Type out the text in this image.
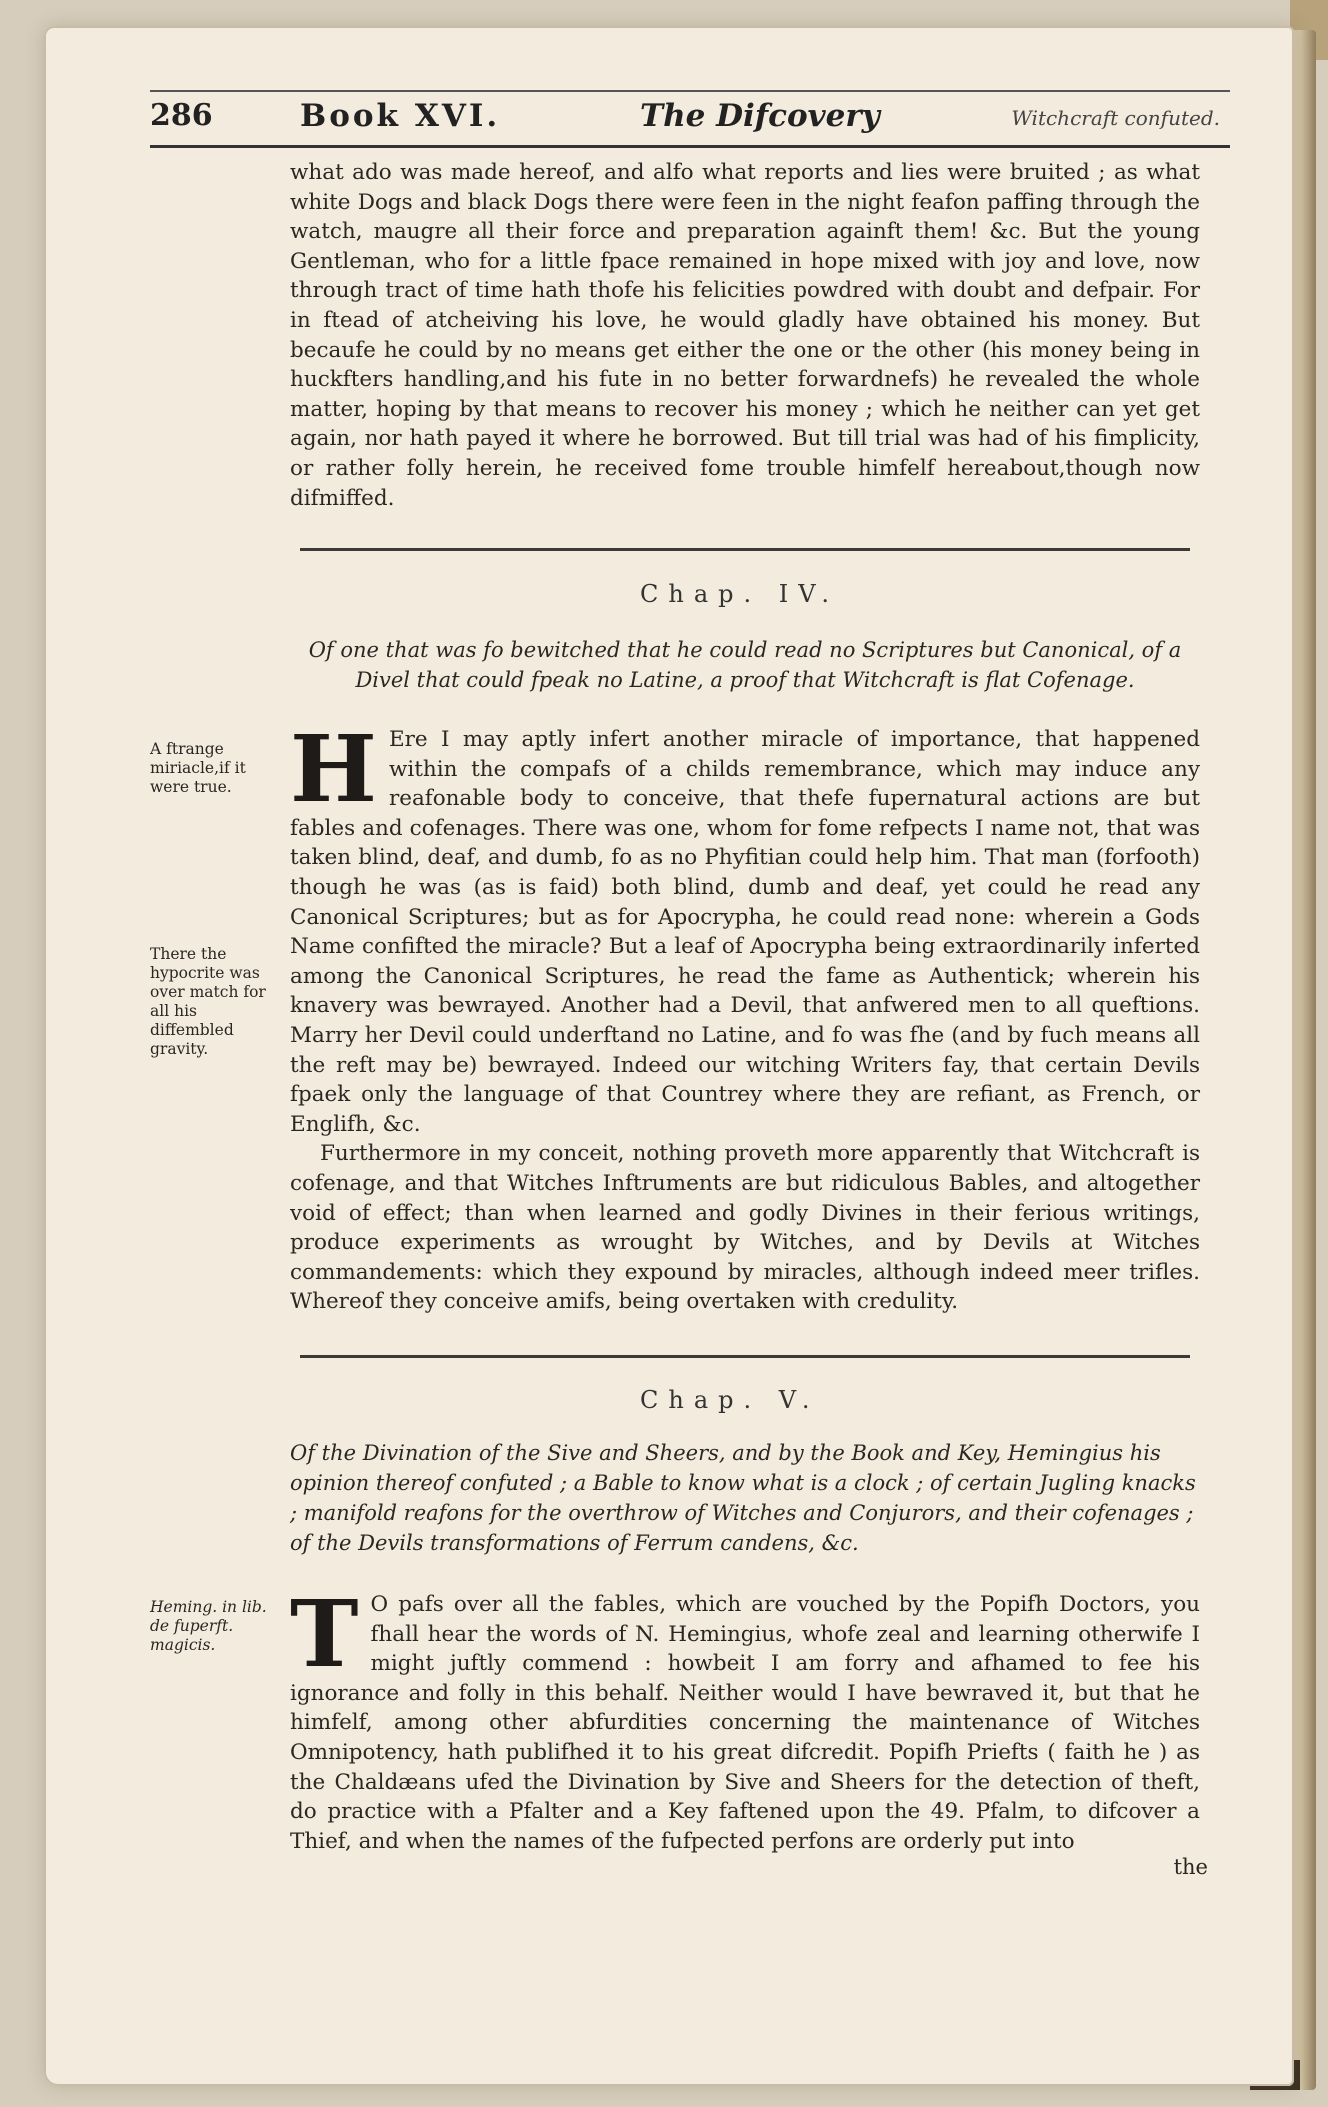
286	Book XVI.	The Difcovery	Witchcraft confuted.
what ado was made hereof, and alfo what reports and lies were bruited ; as what white Dogs and black Dogs there were feen in the night feafon paffing through the watch, maugre all their force and preparation againft them! &c. But the young Gentleman, who for a little fpace remained in hope mixed with joy and love, now through tract of time hath thofe his felicities powdred with doubt and defpair. For in ftead of atcheiving his love, he would gladly have obtained his money. But becaufe he could by no means get either the one or the other (his money being in huckfters handling,and his fute in no better forwardnefs) he revealed the whole matter, hoping by that means to recover his money ; which he neither can yet get again, nor hath payed it where he borrowed. But till trial was had of his fimplicity, or rather folly herein, he received fome trouble himfelf hereabout,though now difmiffed.
Chap. IV.
Of one that was fo bewitched that he could read no Scriptures but Canonical, of a Divel that could fpeak no Latine, a proof that Witchcraft is flat Cofenage.
A ftrange miriacle,if it were true.
There the hypocrite was over match for all his diffembled gravity.

H Ere I may aptly infert another miracle of importance, that happened within the compafs of a childs remembrance, which may induce any reafonable body to conceive, that thefe fupernatural actions are but fables and cofenages. There was one, whom for fome refpects I name not, that was taken blind, deaf, and dumb, fo as no Phyfitian could help him. That man (forfooth) though he was (as is faid) both blind, dumb and deaf, yet could he read any Canonical Scriptures; but as for Apocrypha, he could read none: wherein a Gods Name confifted the miracle? But a leaf of Apocrypha being extraordinarily inferted among the Canonical Scriptures, he read the fame as Authentick; wherein his knavery was bewrayed. Another had a Devil, that anfwered men to all queftions. Marry her Devil could underftand no Latine, and fo was fhe (and by fuch means all the reft may be) bewrayed. Indeed our witching Writers fay, that certain Devils fpaek only the language of that Countrey where they are refiant, as French, or Englifh, &c.

Furthermore in my conceit, nothing proveth more apparently that Witchcraft is cofenage, and that Witches Inftruments are but ridiculous Bables, and altogether void of effect; than when learned and godly Divines in their ferious writings, produce experiments as wrought by Witches, and by Devils at Witches commandements: which they expound by miracles, although indeed meer trifles. Whereof they conceive amifs, being overtaken with credulity.

Chap. V.
Of the Divination of the Sive and Sheers, and by the Book and Key, Hemingius his opinion thereof confuted ; a Bable to know what is a clock ; of certain Jugling knacks ; manifold reafons for the overthrow of Witches and Conjurors, and their cofenages ; of the Devils transformations of Ferrum candens, &c.
Heming. in lib. de fuperft. magicis. T O pafs over all the fables, which are vouched by the Popifh Doctors, you fhall hear the words of N. Hemingius, whofe zeal and learning otherwife I might juftly commend : howbeit I am forry and afhamed to fee his ignorance and folly in this behalf. Neither would I have bewraved it, but that he himfelf, among other abfurdities concerning the maintenance of Witches Omnipotency, hath publifhed it to his great difcredit. Popifh Priefts ( faith he ) as the Chaldæans ufed the Divination by Sive and Sheers for the detection of theft, do practice with a Pfalter and a Key faftened upon the 49. Pfalm, to difcover a Thief, and when the names of the fufpected perfons are orderly put into

the
